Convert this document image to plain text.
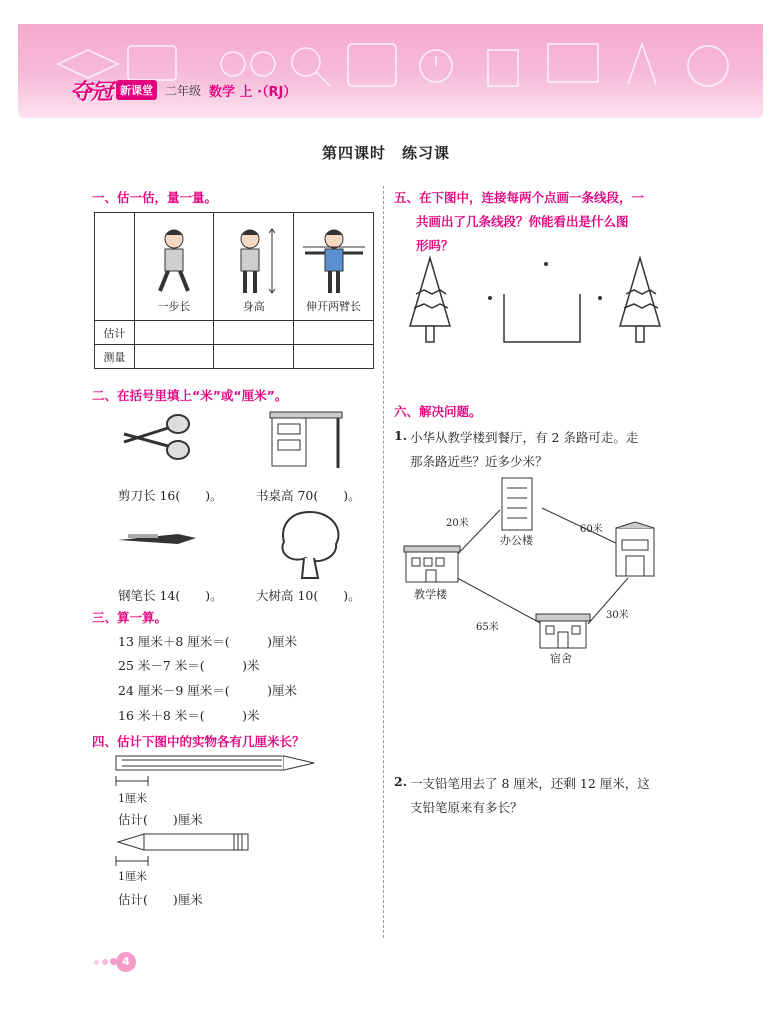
夺冠 新课堂	二年级 数学 上 ·（RJ）
第四课时　练习课
一、估一估，量一量。

	一步长	身高	伸开两臂长

估计			
测量			
二、在括号里填上“米”或“厘米”。
剪刀长 16(　　)。	书桌高 70(　　)。
钢笔长 14(　　)。	大树高 10(　　)。
三、算一算。
13 厘米＋8 厘米＝(　　　)厘米
25 米－7 米＝(　　　)米
24 厘米－9 厘米＝(　　　)厘米
16 米＋8 米＝(　　　)米
四、估计下图中的实物各有几厘米长？
1厘米
估计(　　)厘米
1厘米
估计(　　)厘米
五、在下图中，连接每两个点画一条线段，一
共画出了几条线段？你能看出是什么图
形吗？
六、解决问题。
1. 小华从教学楼到餐厅，有 2 条路可走。走
那条路近些？近多少米？
20米
办公楼
60米
教学楼
65米
30米
宿舍
2. 一支铅笔用去了 8 厘米，还剩 12 厘米，这
支铅笔原来有多长？
4
